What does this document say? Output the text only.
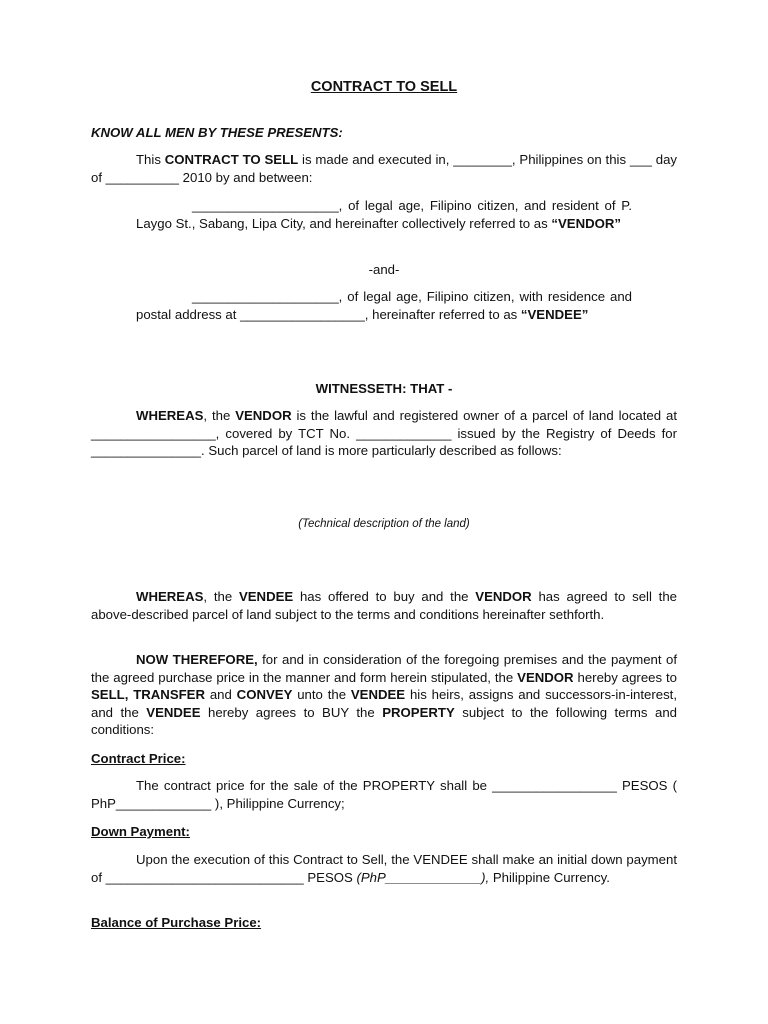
CONTRACT TO SELL
KNOW ALL MEN BY THESE PRESENTS:
This CONTRACT TO SELL is made and executed in, ________, Philippines on this ___ day of __________ 2010 by and between:
____________________, of legal age, Filipino citizen, and resident of P. Laygo St., Sabang, Lipa City, and hereinafter collectively referred to as “VENDOR”
-and-
____________________, of legal age, Filipino citizen, with residence and postal address at _________________, hereinafter referred to as “VENDEE”
WITNESSETH: THAT -
WHEREAS, the VENDOR is the lawful and registered owner of a parcel of land located at _________________, covered by TCT No. _____________ issued by the Registry of Deeds for _______________. Such parcel of land is more particularly described as follows:
(Technical description of the land)
WHEREAS, the VENDEE has offered to buy and the VENDOR has agreed to sell the above-described parcel of land subject to the terms and conditions hereinafter sethforth.
NOW THEREFORE, for and in consideration of the foregoing premises and the payment of the agreed purchase price in the manner and form herein stipulated, the VENDOR hereby agrees to SELL, TRANSFER and CONVEY unto the VENDEE his heirs, assigns and successors-in-interest, and the VENDEE hereby agrees to BUY the PROPERTY subject to the following terms and conditions:
Contract Price:
The contract price for the sale of the PROPERTY shall be _________________ PESOS ( PhP_____________ ), Philippine Currency;
Down Payment:
Upon the execution of this Contract to Sell, the VENDEE shall make an initial down payment of ___________________________ PESOS (PhP_____________), Philippine Currency.
Balance of Purchase Price:
